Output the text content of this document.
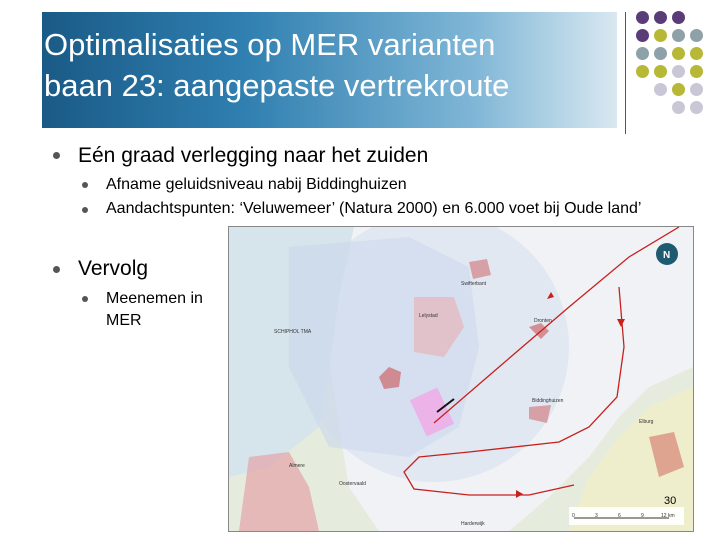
Optimalisaties op MER varianten
baan 23: aangepaste vertrekroute
Eén graad verlegging naar het zuiden
Afname geluidsniveau nabij Biddinghuizen
Aandachtspunten: ‘Veluwemeer’ (Natura 2000) en 6.000 voet bij Oude land’
Vervolg
Meenemen in MER
SCHIPHOL TMA
Swifterbant
Lelystad
Dronten
Biddinghuizen
Almere
Oostervaald
Harderwijk
Elburg
N
0	3	6	9	12 km
30
